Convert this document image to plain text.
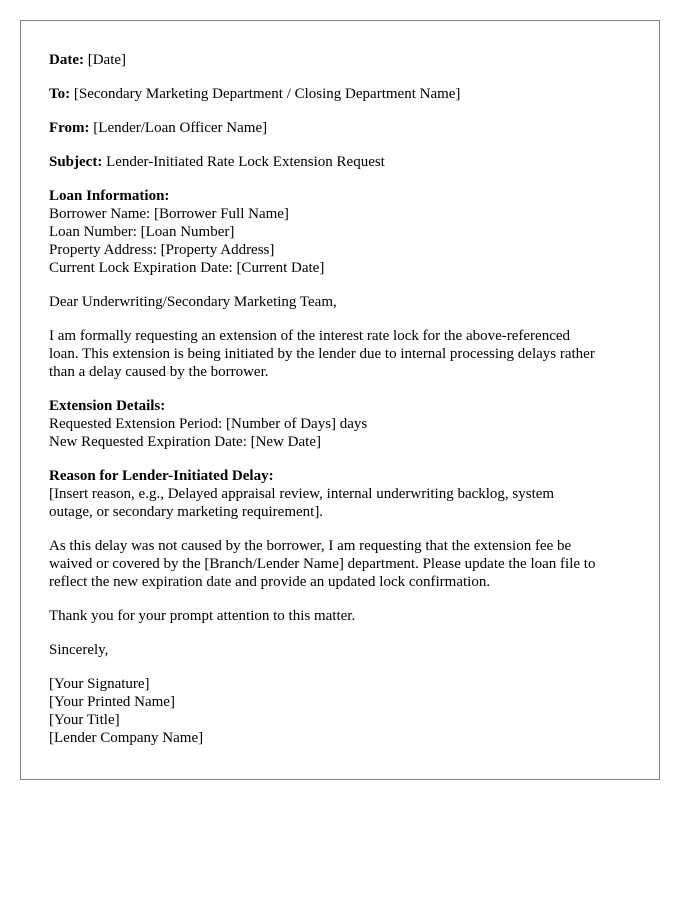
Date: [Date]

To: [Secondary Marketing Department / Closing Department Name]

From: [Lender/Loan Officer Name]

Subject: Lender-Initiated Rate Lock Extension Request

Loan Information:
Borrower Name: [Borrower Full Name]
Loan Number: [Loan Number]
Property Address: [Property Address]
Current Lock Expiration Date: [Current Date]

Dear Underwriting/Secondary Marketing Team,

I am formally requesting an extension of the interest rate lock for the above-referenced
loan. This extension is being initiated by the lender due to internal processing delays rather
than a delay caused by the borrower.
Extension Details:
Requested Extension Period: [Number of Days] days
New Requested Expiration Date: [New Date]
Reason for Lender-Initiated Delay:
[Insert reason, e.g., Delayed appraisal review, internal underwriting backlog, system
outage, or secondary marketing requirement].
As this delay was not caused by the borrower, I am requesting that the extension fee be
waived or covered by the [Branch/Lender Name] department. Please update the loan file to
reflect the new expiration date and provide an updated lock confirmation.

Thank you for your prompt attention to this matter.

Sincerely,

[Your Signature]
[Your Printed Name]
[Your Title]
[Lender Company Name]
